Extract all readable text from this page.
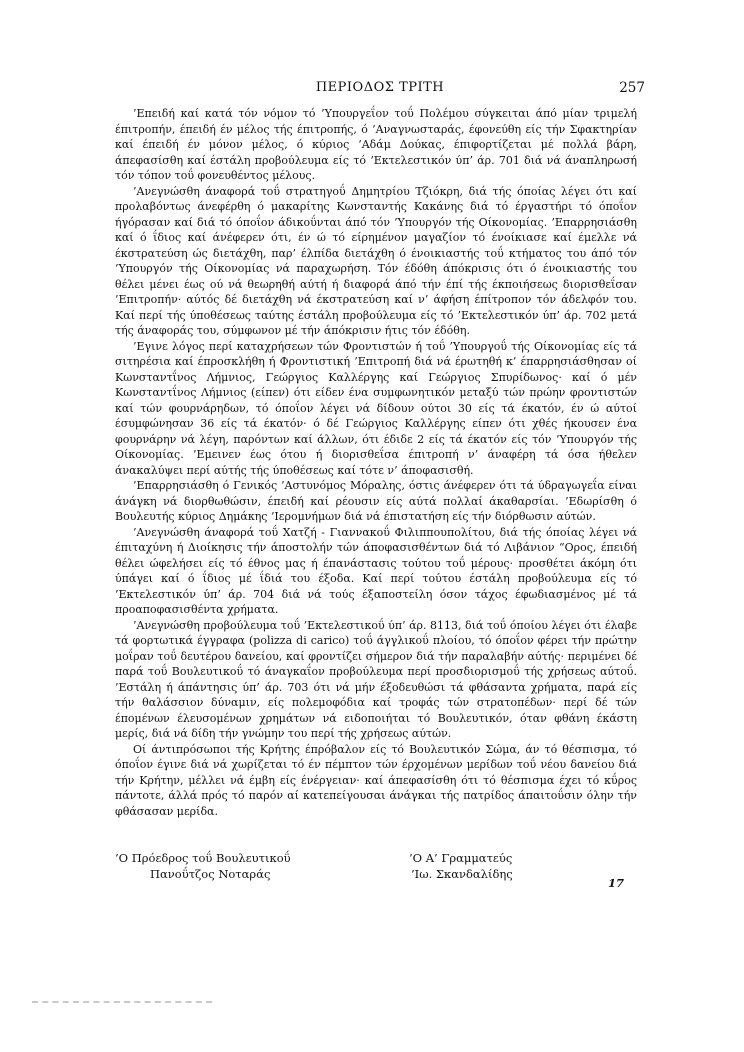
ΠΕΡΙΟΔΟΣ ΤΡΙΤΗ	257

’Επειδή καί κατά τόν νόμον τό ’Υπουργεΐον τοΰ Πολέμου σύγκειται άπό μίαν τριμελή έπιτροπήν, έπειδή έν μέλος τής έπιτροπής, ό ’Αναγνωσταράς, έφονεύθη είς τήν Σφακτηρίαν καί έπειδή έν μόνον μέλος, ό κύριος ’Αδάμ Δούκας, έπιφορτίζεται μέ πολλά βάρη, άπεφασίσθη καί έστάλη προβούλευμα είς τό ’Εκτελεστικόν ύπ’ άρ. 701 διά νά άναπληρωσή τόν τόπον τοΰ φονευθέντος μέλους.

’Ανεγνώσθη άναφορά τοΰ στρατηγοΰ Δημητρίου Τζιόκρη, διά τής όποίας λέγει ότι καί προλαβόντως άνεφέρθη ό μακαρίτης Κωνσταντής Κακάνης διά τό έργαστήρι τό όποΐον ήγόρασαν καί διά τό όποΐον άδικοΰνται άπό τόν ’Υπουργόν τής Οίκονομίας. ’Επαρρησιάσθη καί ό ΐδιος καί άνέφερεν ότι, έν ώ τό είρημένον μαγαζίον τό ένοίκιασε καί έμελλε νά έκστρατεύση ώς διετάχθη, παρ’ έλπίδα διετάχθη ό ένοικιαστής τοΰ κτήματος του άπό τόν ’Υπουργόν τής Οίκονομίας νά παραχωρήση. Τόν έδόθη άπόκρισις ότι ό ένοικιαστής του θέλει μένει έως ού νά θεωρηθή αύτή ή διαφορά άπό τήν έπί τής έκποιήσεως διορισθεΐσαν ’Επιτροπήν· αύτός δέ διετάχθη νά έκστρατεύση καί ν’ άφήση έπίτροπον τόν άδελφόν του. Καί περί τής ύποθέσεως ταύτης έστάλη προβούλευμα είς τό ’Εκτελεστικόν ύπ’ άρ. 702 μετά τής άναφοράς του, σύμφωνον μέ τήν άπόκρισιν ήτις τόν έδόθη.

’Εγινε λόγος περί καταχρήσεων τών Φροντιστών ή τοΰ ’Υπουργοΰ τής Οίκονομίας είς τά σιτηρέσια καί έπροσκλήθη ή Φροντιστική ’Επιτροπή διά νά έρωτηθή κ’ έπαρρησιάσθησαν οί Κωνσταντΐνος Λήμνιος, Γεώργιος Καλλέργης καί Γεώργιος Σπυρίδωνος· καί ό μέν Κωνσταντΐνος Λήμνιος (είπεν) ότι είδεν ένα συμφωνητικόν μεταξύ τών πρώην φροντιστών καί τών φουρνάρηδων, τό όποΐον λέγει νά δίδουν ούτοι 30 είς τά έκατόν, έν ώ αύτοί έσυμφώνησαν 36 είς τά έκατόν· ό δέ Γεώργιος Καλλέργης είπεν ότι χθές ήκουσεν ένα φουρνάρην νά λέγη, παρόντων καί άλλων, ότι έδιδε 2 είς τά έκατόν είς τόν ’Υπουργόν τής Οίκονομίας. ’Εμεινεν έως ότου ή διορισθεΐσα έπιτροπή ν’ άναφέρη τά όσα ήθελεν άνακαλύψει περί αύτής τής ύποθέσεως καί τότε ν’ άποφασισθή.

’Επαρρησιάσθη ό Γενικός ’Αστυνόμος Μόραλης, όστις άνέφερεν ότι τά ύδραγωγεΐα είναι άνάγκη νά διορθωθώσιν, έπειδή καί ρέουσιν είς αύτά πολλαί άκαθαρσίαι. ’Εδωρίσθη ό Βουλευτής κύριος Δημάκης ’Ιερομνήμων διά νά έπιστατήση είς τήν διόρθωσιν αύτών.

’Ανεγνώσθη άναφορά τοΰ Χατζή - Γιαννακοΰ Φιλιππουπολίτου, διά τής όποίας λέγει νά έπιταχύνη ή Διοίκησις τήν άποστολήν τών άποφασισθέντων διά τό Λιβάνιον “Ορος, έπειδή θέλει ώφελήσει είς τό έθνος μας ή έπανάστασις τούτου τοΰ μέρους· προσθέτει άκόμη ότι ύπάγει καί ό ΐδιος μέ ΐδιά του έξοδα. Καί περί τούτου έστάλη προβούλευμα είς τό ’Εκτελεστικόν ύπ’ άρ. 704 διά νά τούς έξαποστείλη όσον τάχος έφωδιασμένος μέ τά προαποφασισθέντα χρήματα.

’Ανεγνώσθη προβούλευμα τοΰ ’Εκτελεστικοΰ ύπ’ άρ. 8113, διά τοΰ όποίου λέγει ότι έλαβε τά φορτωτικά έγγραφα (polizza di carico) τοΰ άγγλικοΰ πλοίου, τό όποΐον φέρει τήν πρώτην μοΐραν τοΰ δευτέρου δανείου, καί φροντίζει σήμερον διά τήν παραλαβήν αύτής· περιμένει δέ παρά τοΰ Βουλευτικοΰ τό άναγκαΐον προβούλευμα περί προσδιορισμοΰ τής χρήσεως αύτοΰ. ’Εστάλη ή άπάντησις ύπ’ άρ. 703 ότι νά μήν έξοδευθώσι τά φθάσαντα χρήματα, παρά είς τήν θαλάσσιον δύναμιν, είς πολεμοφόδια καί τροφάς τών στρατοπέδων· περί δέ τών έπομένων έλευσομένων χρημάτων νά ειδοποιήται τό Βουλευτικόν, όταν φθάνη έκάστη μερίς, διά νά δίδη τήν γνώμην του περί τής χρήσεως αύτών.

Οί άντιπρόσωποι τής Κρήτης έπρόβαλον είς τό Βουλευτικόν Σώμα, άν τό θέσπισμα, τό όποΐον έγινε διά νά χωρίζεται τό έν πέμπτον τών έρχομένων μερίδων τοΰ νέου δανείου διά τήν Κρήτην, μέλλει νά έμβη είς ένέργειαν· καί άπεφασίσθη ότι τό θέσπισμα έχει τό κΰρος πάντοτε, άλλά πρός τό παρόν αί κατεπείγουσαι άνάγκαι τής πατρίδος άπαιτοΰσιν όλην τήν φθάσασαν μερίδα.

’Ο Πρόεδρος τοΰ Βουλευτικοΰ
Πανοΰτζος Νοταράς
’Ο Α’ Γραμματεύς
’Ιω. Σκανδαλίδης
17
